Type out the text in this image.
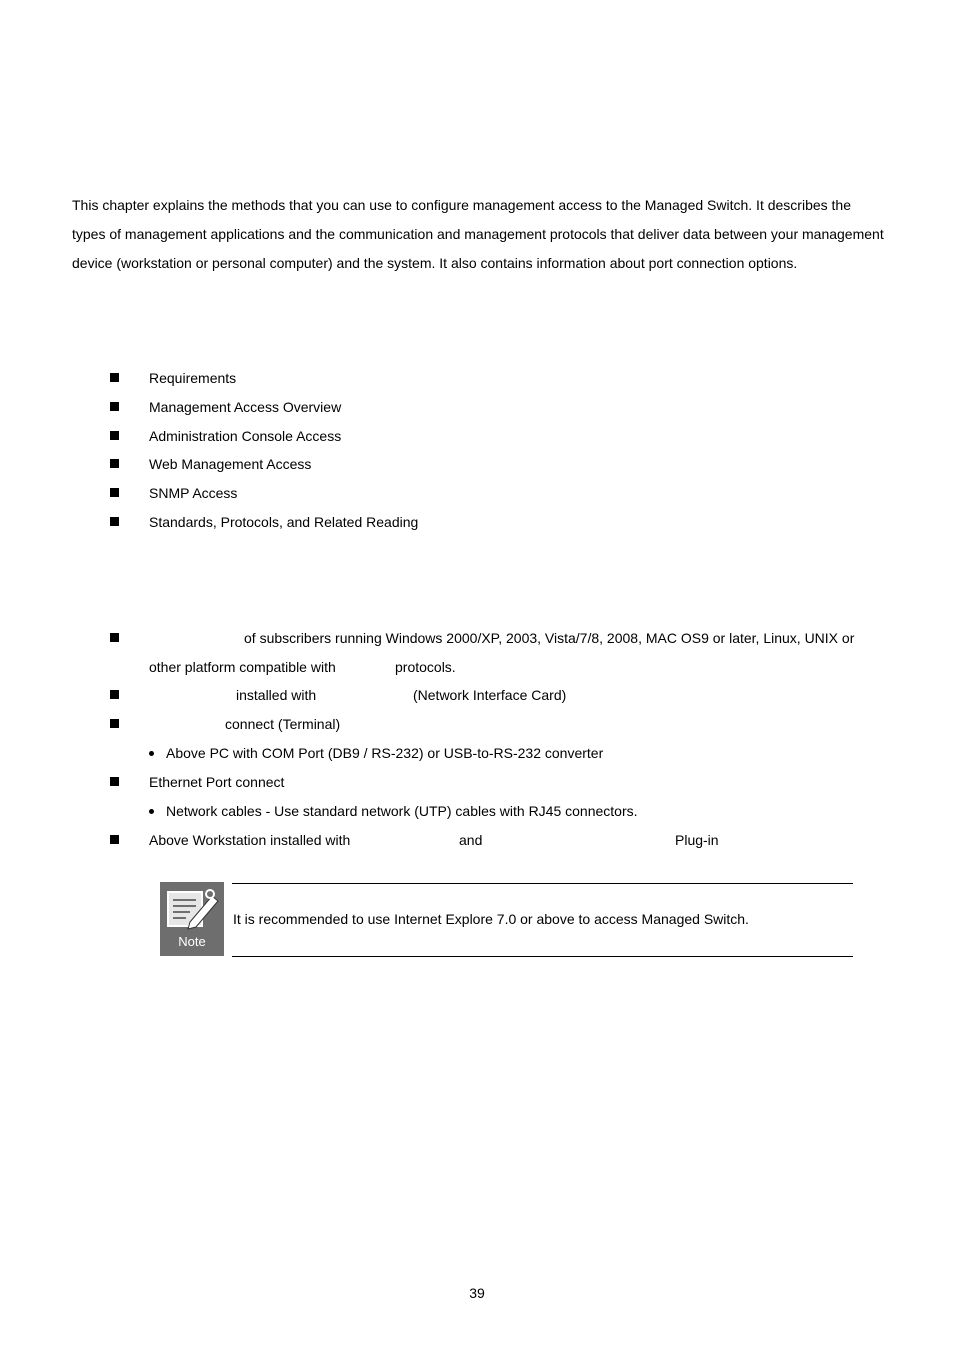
This chapter explains the methods that you can use to configure management access to the Managed Switch. It describes the types of management applications and the communication and management protocols that deliver data between your management device (workstation or personal computer) and the system. It also contains information about port connection options.

Requirements
Management Access Overview
Administration Console Access
Web Management Access
SNMP Access
Standards, Protocols, and Related Reading
of subscribers running Windows 2000/XP, 2003, Vista/7/8, 2008, MAC OS9 or later, Linux, UNIX or
other platform compatible with	protocols.
installed with	(Network Interface Card)
connect (Terminal)
Above PC with COM Port (DB9 / RS-232) or USB-to-RS-232 converter
Ethernet Port connect
Network cables - Use standard network (UTP) cables with RJ45 connectors.
Above Workstation installed with	and	Plug-in
Note
It is recommended to use Internet Explore 7.0 or above to access Managed Switch.
39
